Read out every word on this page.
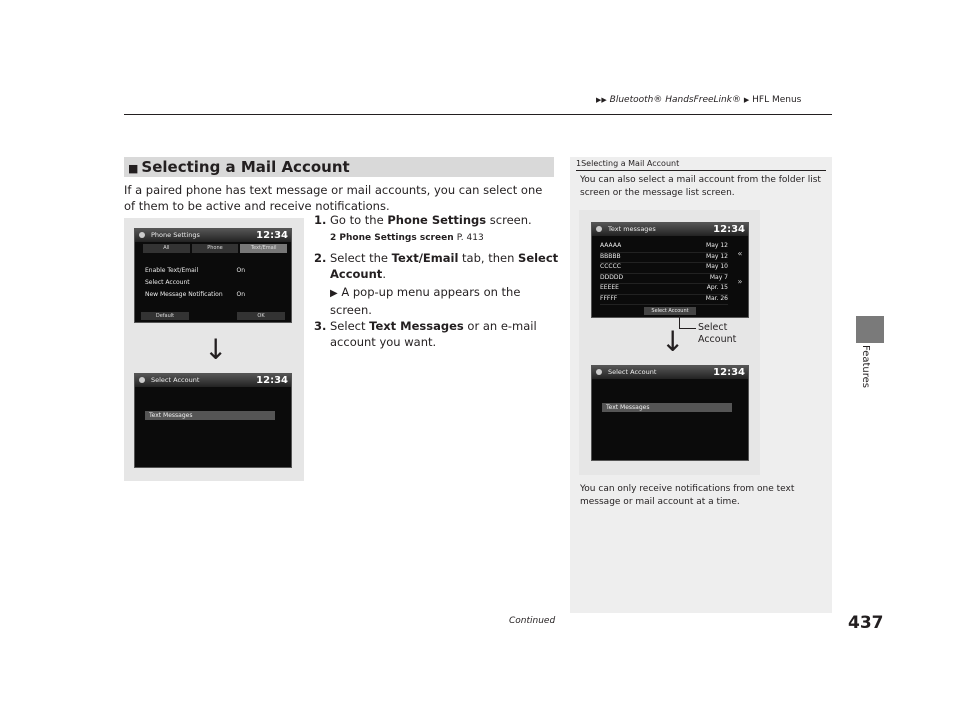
▶▶ Bluetooth® HandsFreeLink® ▶ HFL Menus
Features
■ Selecting a Mail Account
If a paired phone has text message or mail accounts, you can select one of them to be active and receive notifications.
1. Go to the Phone Settings screen.
2 Phone Settings screen P. 413
2. Select the Text/Email tab, then Select Account.
▶ A pop-up menu appears on the screen.
3. Select Text Messages or an e-mail account you want.
Phone Settings	12:34
All	Phone	Text/Email
Enable Text/Email	On
Select Account
New Message Notification On
Default	OK
↓
Select Account	12:34
Text Messages
1Selecting a Mail Account
You can also select a mail account from the folder list screen or the message list screen.
Text messages	12:34
AAAAA	May 12
BBBBB	May 12
CCCCC	May 10
DDDDD	May 7
EEEEE	Apr. 15
FFFFF	Mar. 26
«
»
Select Account
↓
Select Account	12:34
Text Messages
Select
Account
You can only receive notifications from one text message or mail account at a time.
Continued	437
